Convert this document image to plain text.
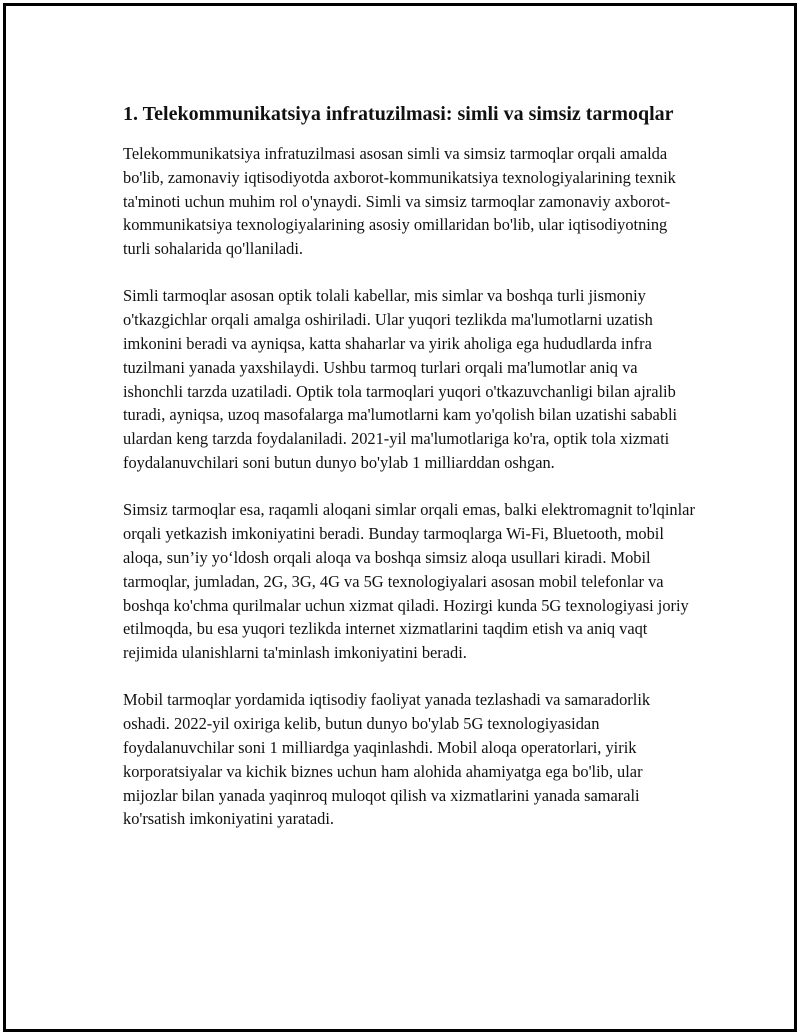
1. Telekommunikatsiya infratuzilmasi: simli va simsiz tarmoqlar

Telekommunikatsiya infratuzilmasi asosan simli va simsiz tarmoqlar orqali amalda bo'lib, zamonaviy iqtisodiyotda axborot-kommunikatsiya texnologiyalarining texnik ta'minoti uchun muhim rol o'ynaydi. Simli va simsiz tarmoqlar zamonaviy axborot-kommunikatsiya texnologiyalarining asosiy omillaridan bo'lib, ular iqtisodiyotning turli sohalarida qo'llaniladi.

Simli tarmoqlar asosan optik tolali kabellar, mis simlar va boshqa turli jismoniy o'tkazgichlar orqali amalga oshiriladi. Ular yuqori tezlikda ma'lumotlarni uzatish imkonini beradi va ayniqsa, katta shaharlar va yirik aholiga ega hududlarda infra tuzilmani yanada yaxshilaydi. Ushbu tarmoq turlari orqali ma'lumotlar aniq va ishonchli tarzda uzatiladi. Optik tola tarmoqlari yuqori o'tkazuvchanligi bilan ajralib turadi, ayniqsa, uzoq masofalarga ma'lumotlarni kam yo'qolish bilan uzatishi sababli ulardan keng tarzda foydalaniladi. 2021-yil ma'lumotlariga ko'ra, optik tola xizmati foydalanuvchilari soni butun dunyo bo'ylab 1 milliarddan oshgan.

Simsiz tarmoqlar esa, raqamli aloqani simlar orqali emas, balki elektromagnit to'lqinlar orqali yetkazish imkoniyatini beradi. Bunday tarmoqlarga Wi-Fi, Bluetooth, mobil aloqa, sun’iy yo‘ldosh orqali aloqa va boshqa simsiz aloqa usullari kiradi. Mobil tarmoqlar, jumladan, 2G, 3G, 4G va 5G texnologiyalari asosan mobil telefonlar va boshqa ko'chma qurilmalar uchun xizmat qiladi. Hozirgi kunda 5G texnologiyasi joriy etilmoqda, bu esa yuqori tezlikda internet xizmatlarini taqdim etish va aniq vaqt rejimida ulanishlarni ta'minlash imkoniyatini beradi.

Mobil tarmoqlar yordamida iqtisodiy faoliyat yanada tezlashadi va samaradorlik oshadi. 2022-yil oxiriga kelib, butun dunyo bo'ylab 5G texnologiyasidan foydalanuvchilar soni 1 milliardga yaqinlashdi. Mobil aloqa operatorlari, yirik korporatsiyalar va kichik biznes uchun ham alohida ahamiyatga ega bo'lib, ular mijozlar bilan yanada yaqinroq muloqot qilish va xizmatlarini yanada samarali ko'rsatish imkoniyatini yaratadi.
